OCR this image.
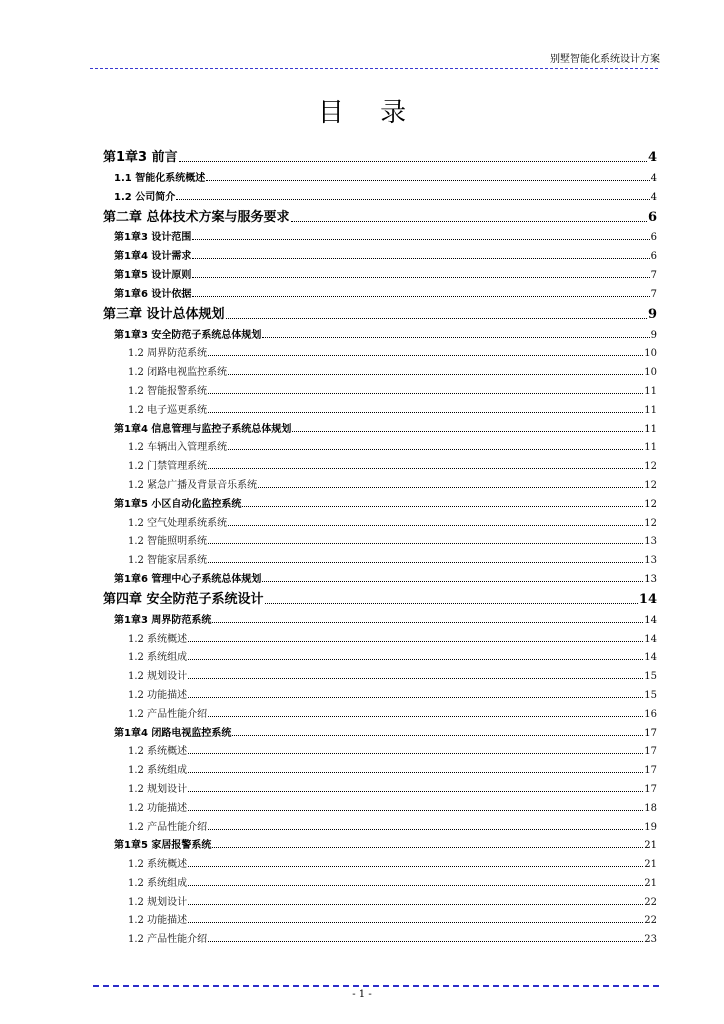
别墅智能化系统设计方案
目 录
第1章3 前言	4
1.1 智能化系统概述	4
1.2 公司简介	4
第二章 总体技术方案与服务要求	6
第1章3 设计范围	6
第1章4 设计需求	6
第1章5 设计原则	7
第1章6 设计依据	7
第三章 设计总体规划	9
第1章3 安全防范子系统总体规划	9
1.2 周界防范系统	10
1.2 闭路电视监控系统	10
1.2 智能报警系统	11
1.2 电子巡更系统	11
第1章4 信息管理与监控子系统总体规划	11
1.2 车辆出入管理系统	11
1.2 门禁管理系统	12
1.2 紧急广播及背景音乐系统	12
第1章5 小区自动化监控系统	12
1.2 空气处理系统系统	12
1.2 智能照明系统	13
1.2 智能家居系统	13
第1章6 管理中心子系统总体规划	13
第四章 安全防范子系统设计	14
第1章3 周界防范系统	14
1.2 系统概述	14
1.2 系统组成	14
1.2 规划设计	15
1.2 功能描述	15
1.2 产品性能介绍	16
第1章4 闭路电视监控系统	17
1.2 系统概述	17
1.2 系统组成	17
1.2 规划设计	17
1.2 功能描述	18
1.2 产品性能介绍	19
第1章5 家居报警系统	21
1.2 系统概述	21
1.2 系统组成	21
1.2 规划设计	22
1.2 功能描述	22
1.2 产品性能介绍	23
- 1 -
